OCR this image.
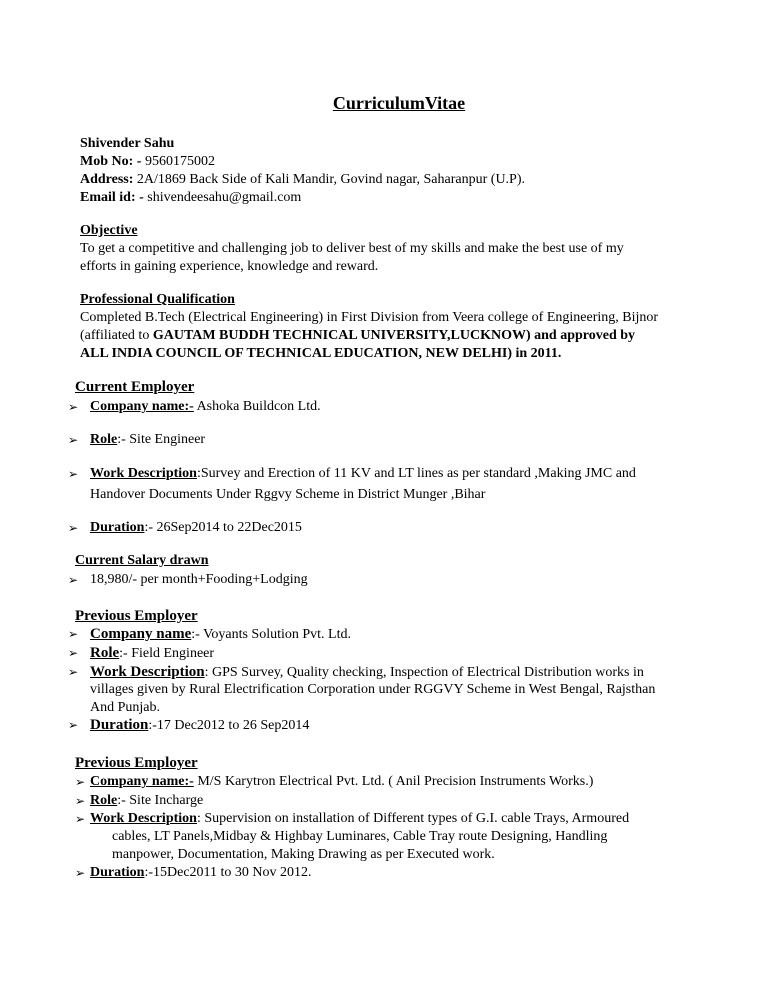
CurriculumVitae
Shivender Sahu
Mob No: - 9560175002
Address: 2A/1869 Back Side of Kali Mandir, Govind nagar, Saharanpur (U.P).
Email id: - shivendeesahu@gmail.com
Objective
To get a competitive and challenging job to deliver best of my skills and make the best use of my
efforts in gaining experience, knowledge and reward.
Professional Qualification
Completed B.Tech (Electrical Engineering) in First Division from Veera college of Engineering, Bijnor
(affiliated to GAUTAM BUDDH TECHNICAL UNIVERSITY,LUCKNOW) and approved by
ALL INDIA COUNCIL OF TECHNICAL EDUCATION, NEW DELHI) in 2011.
Current Employer
➢ Company name:- Ashoka Buildcon Ltd.
➢ Role:- Site Engineer
➢ Work Description:Survey and Erection of 11 KV and LT lines as per standard ,Making JMC and
Handover Documents Under Rggvy Scheme in District Munger ,Bihar
➢ Duration:- 26Sep2014 to 22Dec2015
Current Salary drawn
➢ 18,980/- per month+Fooding+Lodging
Previous Employer
➢ Company name:- Voyants Solution Pvt. Ltd.
➢ Role:- Field Engineer
➢ Work Description: GPS Survey, Quality checking, Inspection of Electrical Distribution works in
villages given by Rural Electrification Corporation under RGGVY Scheme in West Bengal, Rajsthan
And Punjab.
➢ Duration:-17 Dec2012 to 26 Sep2014
Previous Employer
➢ Company name:- M/S Karytron Electrical Pvt. Ltd. ( Anil Precision Instruments Works.)
➢ Role:- Site Incharge
➢ Work Description: Supervision on installation of Different types of G.I. cable Trays, Armoured
cables, LT Panels,Midbay & Highbay Luminares, Cable Tray route Designing, Handling
manpower, Documentation, Making Drawing as per Executed work.
➢ Duration:-15Dec2011 to 30 Nov 2012.
